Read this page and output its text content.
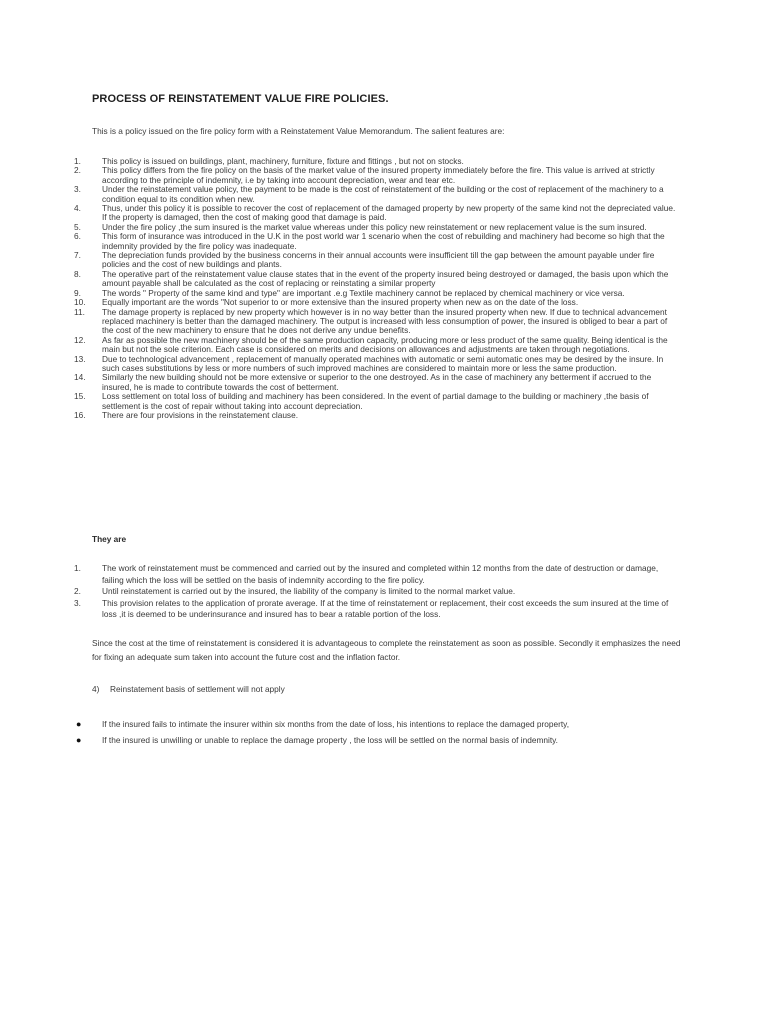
PROCESS OF REINSTATEMENT VALUE FIRE POLICIES.
This is a policy issued on the fire policy form with a Reinstatement Value Memorandum. The salient features are:
1.	This policy is issued on buildings, plant, machinery, furniture, fixture and fittings , but not on stocks.
2.	This policy differs from the fire policy on the basis of the market value of the insured property immediately before the fire. This value is arrived at strictly according to the principle of indemnity, i.e by taking into account depreciation, wear and tear etc.
3.	Under the reinstatement value policy, the payment to be made is the cost of reinstatement of the building or the cost of replacement of the machinery to a condition equal to its condition when new.
4.	Thus, under this policy it is possible to recover the cost of replacement of the damaged property by new property of the same kind not the depreciated value. If the property is damaged, then the cost of making good that damage is paid.
5.	Under the fire policy ,the sum insured is the market value whereas under this policy new reinstatement or new replacement value is the sum insured.
6.	This form of insurance was introduced in the U.K in the post world war 1 scenario when the cost of rebuilding and machinery had become so high that the indemnity provided by the fire policy was inadequate.
7.	The depreciation funds provided by the business concerns in their annual accounts were insufficient till the gap between the amount payable under fire policies and the cost of new buildings and plants.
8.	The operative part of the reinstatement value clause states that in the event of the property insured being destroyed or damaged, the basis upon which the amount payable shall be calculated as the cost of replacing or reinstating a similar property
9.	The words " Property of the same kind and type" are important .e.g Textile machinery cannot be replaced by chemical machinery or vice versa.
10. Equally important are the words "Not superior to or more extensive than the insured property when new as on the date of the loss.
11. The damage property is replaced by new property which however is in no way better than the insured property when new. If due to technical advancement replaced machinery is better than the damaged machinery. The output is increased with less consumption of power, the insured is obliged to bear a part of the cost of the new machinery to ensure that he does not derive any undue benefits.
12. As far as possible the new machinery should be of the same production capacity, producing more or less product of the same quality. Being identical is the main but not the sole criterion. Each case is considered on merits and decisions on allowances and adjustments are taken through negotiations.
13. Due to technological advancement , replacement of manually operated machines with automatic or semi automatic ones may be desired by the insure. In such cases substitutions by less or more numbers of such improved machines are considered to maintain more or less the same production.
14. Similarly the new building should not be more extensive or superior to the one destroyed. As in the case of machinery any betterment if accrued to the insured, he is made to contribute towards the cost of betterment.
15. Loss settlement on total loss of building and machinery has been considered. In the event of partial damage to the building or machinery ,the basis of settlement is the cost of repair without taking into account depreciation.
16. There are four provisions in the reinstatement clause.
They are
1.	The work of reinstatement must be commenced and carried out by the insured and completed within 12 months from the date of destruction or damage, failing which the loss will be settled on the basis of indemnity according to the fire policy.
2.	Until reinstatement is carried out by the insured, the liability of the company is limited to the normal market value.
3.	This provision relates to the application of prorate average. If at the time of reinstatement or replacement, their cost exceeds the sum insured at the time of loss ,it is deemed to be underinsurance and insured has to bear a ratable portion of the loss.
Since the cost at the time of reinstatement is considered it is advantageous to complete the reinstatement as soon as possible. Secondly it emphasizes the need for fixing an adequate sum taken into account the future cost and the inflation factor.
4) Reinstatement basis of settlement will not apply
● If the insured fails to intimate the insurer within six months from the date of loss, his intentions to replace the damaged property,
● If the insured is unwilling or unable to replace the damage property , the loss will be settled on the normal basis of indemnity.
